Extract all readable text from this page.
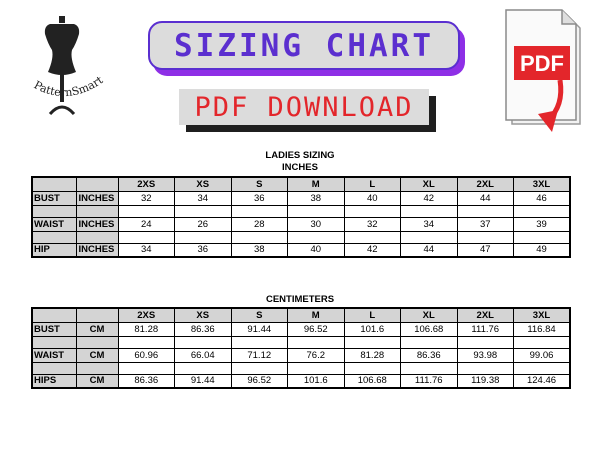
PatternSmart
SIZING CHART
PDF DOWNLOAD
PDF
LADIES SIZING
INCHES
		2XS	XS	S	M	L	XL	2XL	3XL
BUST	INCHES	32	34	36	38	40	42	44	46

WAIST	INCHES	24	26	28	30	32	34	37	39

HIP	INCHES	34	36	38	40	42	44	47	49
CENTIMETERS
		2XS	XS	S	M	L	XL	2XL	3XL
BUST	CM	81.28	86.36	91.44	96.52	101.6	106.68	111.76	116.84

WAIST	CM	60.96	66.04	71.12	76.2	81.28	86.36	93.98	99.06

HIPS	CM	86.36	91.44	96.52	101.6	106.68	111.76	119.38	124.46
